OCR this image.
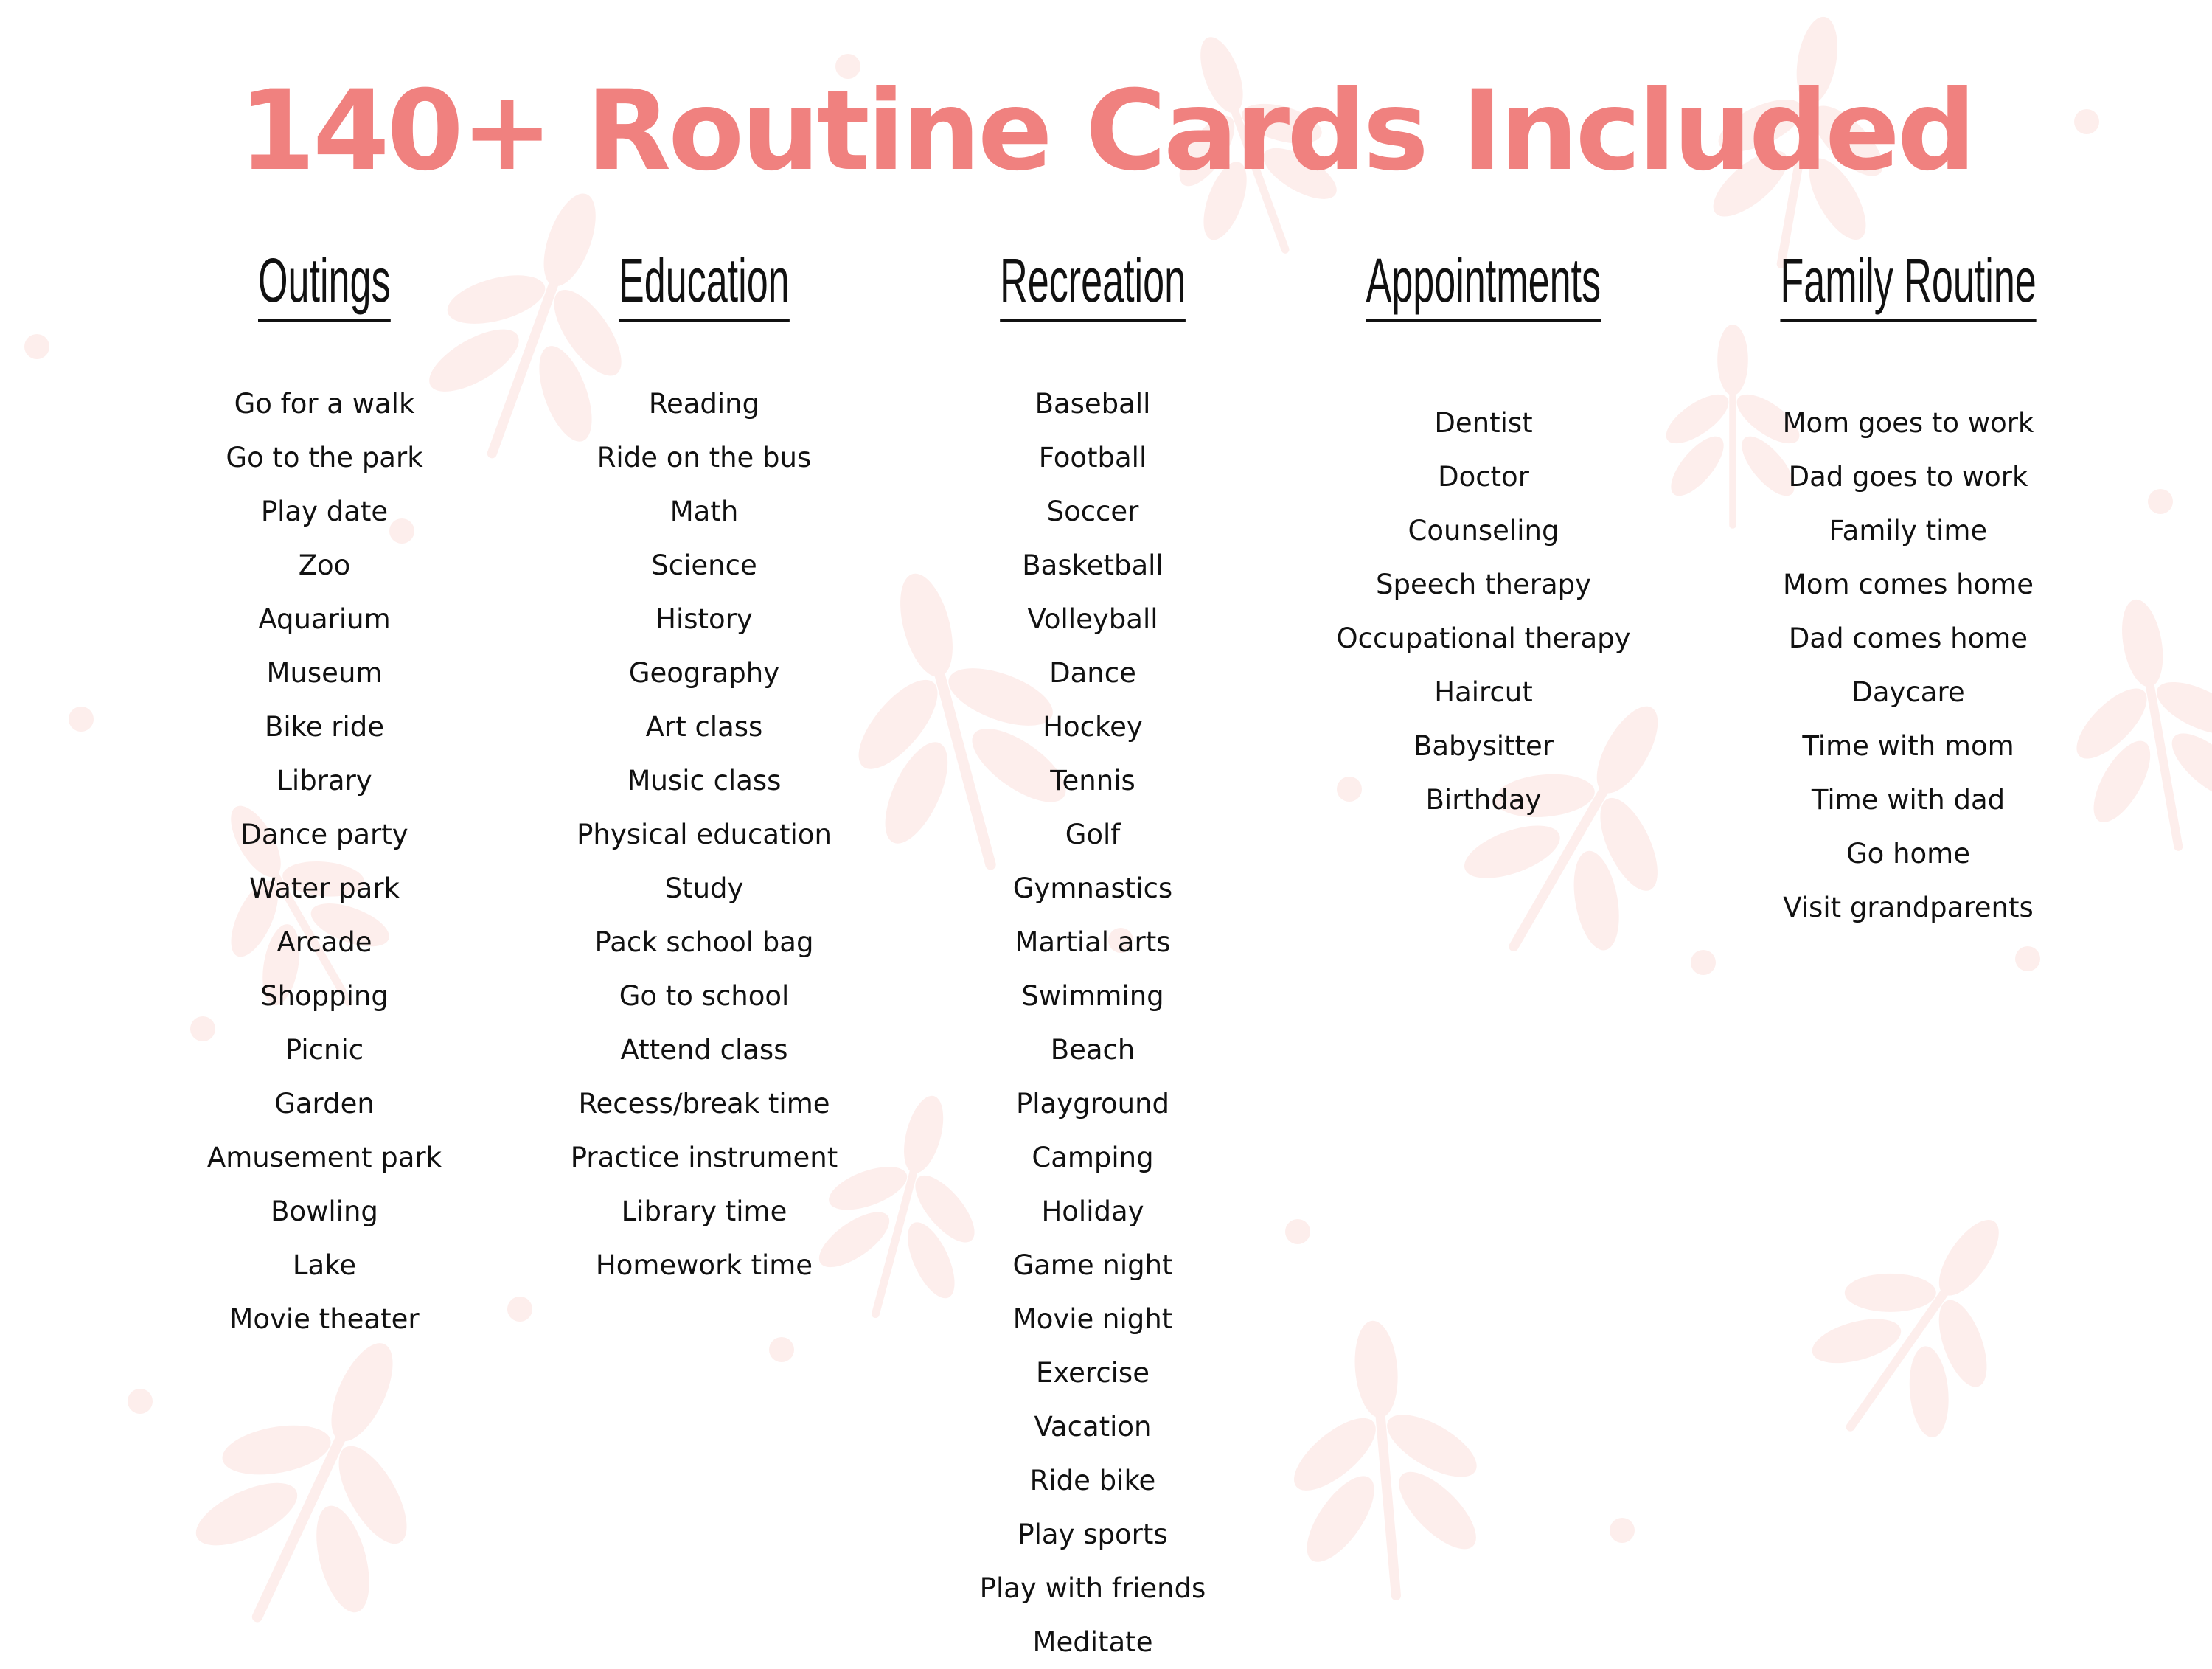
140+ Routine Cards Included
Outings
Go for a walk
Go to the park
Play date
Zoo
Aquarium
Museum
Bike ride
Library
Dance party
Water park
Arcade
Shopping
Picnic
Garden
Amusement park
Bowling
Lake
Movie theater
Education
Reading
Ride on the bus
Math
Science
History
Geography
Art class
Music class
Physical education
Study
Pack school bag
Go to school
Attend class
Recess/break time
Practice instrument
Library time
Homework time
Recreation
Baseball
Football
Soccer
Basketball
Volleyball
Dance
Hockey
Tennis
Golf
Gymnastics
Martial arts
Swimming
Beach
Playground
Camping
Holiday
Game night
Movie night
Exercise
Vacation
Ride bike
Play sports
Play with friends
Meditate
Appointments
Dentist
Doctor
Counseling
Speech therapy
Occupational therapy
Haircut
Babysitter
Birthday
Family Routine
Mom goes to work
Dad goes to work
Family time
Mom comes home
Dad comes home
Daycare
Time with mom
Time with dad
Go home
Visit grandparents
